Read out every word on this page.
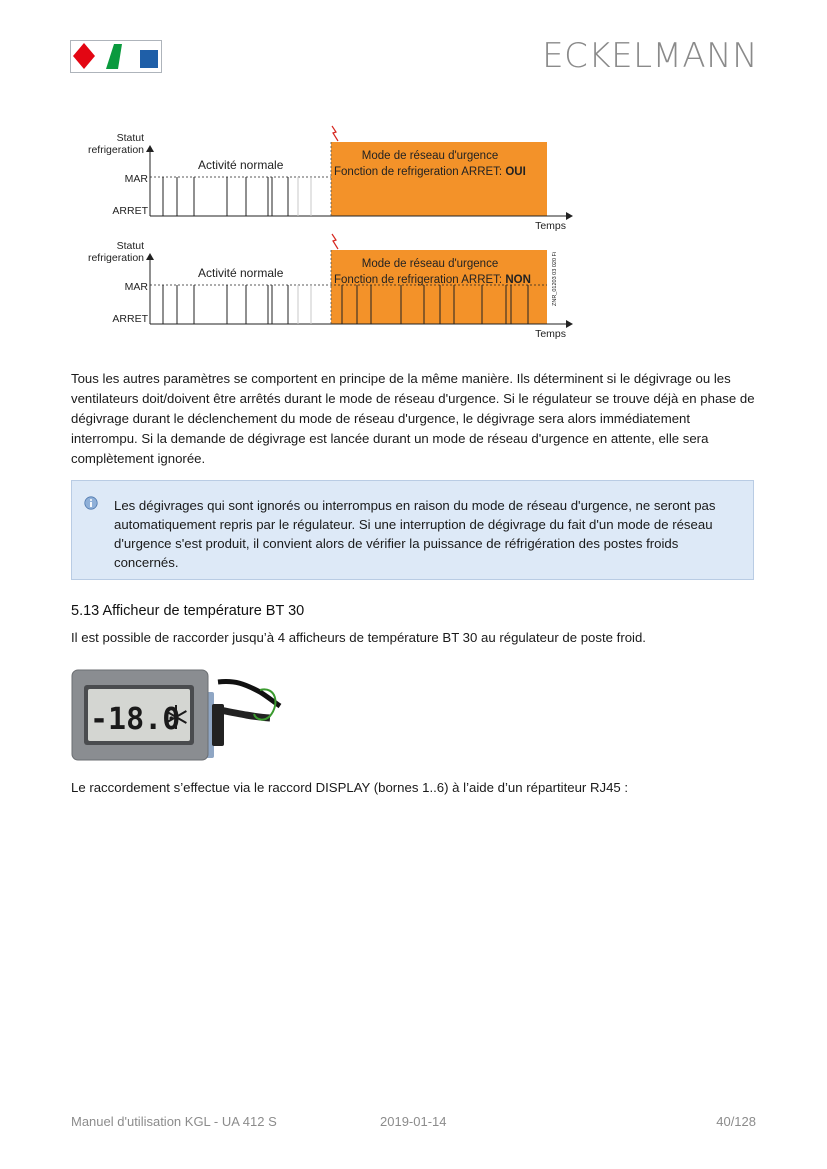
ECKELMANN
Statut
refrigeration
MAR
ARRET
Activité normale
Mode de réseau d'urgence
Fonction de refrigeration ARRET: OUI
Temps
Statut
refrigeration
MAR
ARRET
Activité normale
Mode de réseau d'urgence
Fonction de refrigeration ARRET: NON
Temps
ZNR_01203 03 020 Fi
Tous les autres paramètres se comportent en principe de la même manière. Ils déterminent si le dégivrage ou les ventilateurs doit/doivent être arrêtés durant le mode de réseau d'urgence. Si le régulateur se trouve déjà en phase de dégivrage durant le déclenchement du mode de réseau d'urgence, le dégivrage sera alors immédiatement interrompu. Si la demande de dégivrage est lancée durant un mode de réseau d'urgence en attente, elle sera complètement ignorée.
Les dégivrages qui sont ignorés ou interrompus en raison du mode de réseau d'urgence, ne seront pas automatiquement repris par le régulateur. Si une interruption de dégivrage du fait d'un mode de réseau d'urgence s'est produit, il convient alors de vérifier la puissance de réfrigération des postes froids concernés.
5.13 Afficheur de température BT 30
Il est possible de raccorder jusqu’à 4 afficheurs de température BT 30 au régulateur de poste froid.
-18.0
Le raccordement s’effectue via le raccord DISPLAY (bornes 1..6) à l’aide d’un répartiteur RJ45 :
Manuel d'utilisation KGL - UA 412 S	2019-01-14	40/128
